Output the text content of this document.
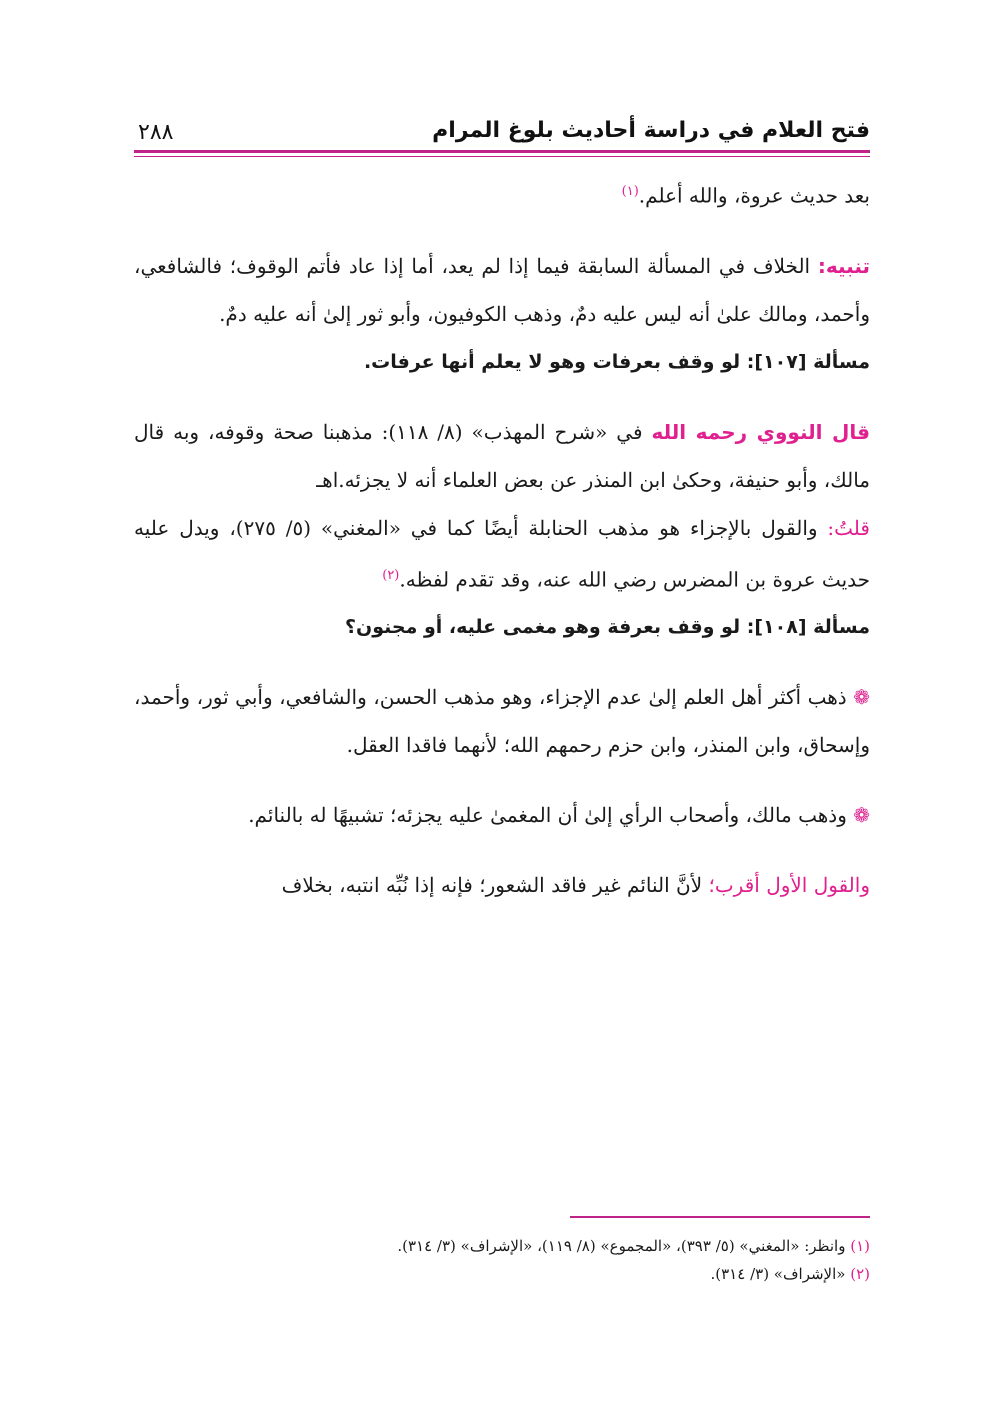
فتح العلام في دراسة أحاديث بلوغ المرام
٢٨٨

بعد حديث عروة، والله أعلم.$^{(١)}$

تنبيه: الخلاف في المسألة السابقة فيما إذا لم يعد، أما إذا عاد فأتم الوقوف؛ فالشافعي، وأحمد، ومالك علىٰ أنه ليس عليه دمٌ، وذهب الكوفيون، وأبو ثور إلىٰ أنه عليه دمٌ.

مسألة [١٠٧]: لو وقف بعرفات وهو لا يعلم أنها عرفات.

قال النووي رحمه الله في «شرح المهذب» (٨/ ١١٨): مذهبنا صحة وقوفه، وبه قال مالك، وأبو حنيفة، وحكىٰ ابن المنذر عن بعض العلماء أنه لا يجزئه.اهـ

قلتُ: والقول بالإجزاء هو مذهب الحنابلة أيضًا كما في «المغني» (٥/ ٢٧٥)، ويدل عليه حديث عروة بن المضرس رضي الله عنه، وقد تقدم لفظه.$^{(٢)}$

مسألة [١٠٨]: لو وقف بعرفة وهو مغمى عليه، أو مجنون؟

❁ ذهب أكثر أهل العلم إلىٰ عدم الإجزاء، وهو مذهب الحسن، والشافعي، وأبي ثور، وأحمد، وإسحاق، وابن المنذر، وابن حزم رحمهم الله؛ لأنهما فاقدا العقل.

❁ وذهب مالك، وأصحاب الرأي إلىٰ أن المغمىٰ عليه يجزئه؛ تشبيهًا له بالنائم.

والقول الأول أقرب؛ لأنَّ النائم غير فاقد الشعور؛ فإنه إذا نُبِّه انتبه، بخلاف

(١) وانظر: «المغني» (٥/ ٣٩٣)، «المجموع» (٨/ ١١٩)، «الإشراف» (٣/ ٣١٤).

(٢) «الإشراف» (٣/ ٣١٤).
